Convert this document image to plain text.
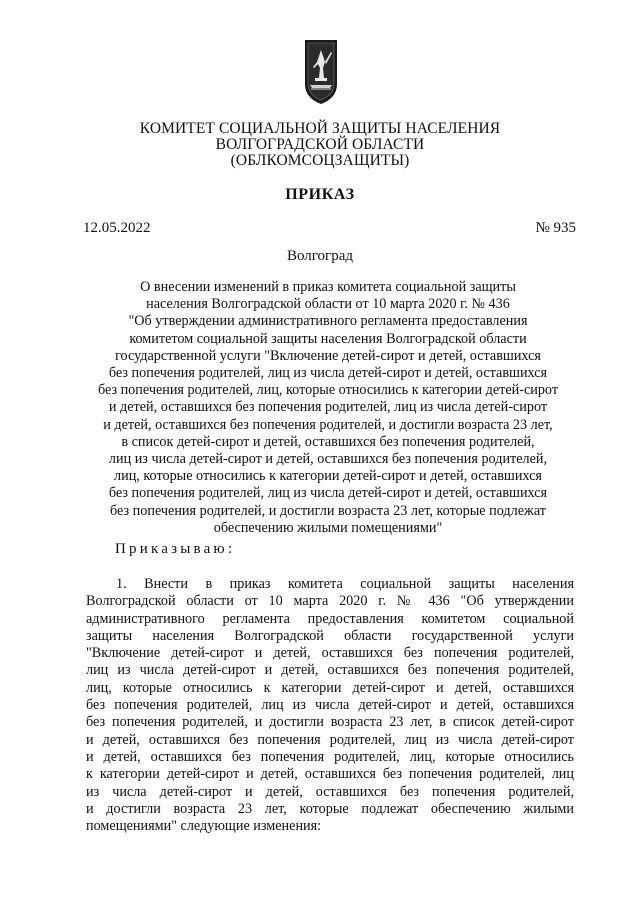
КОМИТЕТ СОЦИАЛЬНОЙ ЗАЩИТЫ НАСЕЛЕНИЯ
ВОЛГОГРАДСКОЙ ОБЛАСТИ
(ОБЛКОМСОЦЗАЩИТЫ)
ПРИКАЗ
12.05.2022	№ 935
Волгоград
О внесении изменений в приказ комитета социальной защиты
населения Волгоградской области от 10 марта 2020 г. № 436
"Об утверждении административного регламента предоставления
комитетом социальной защиты населения Волгоградской области
государственной услуги "Включение детей-сирот и детей, оставшихся
без попечения родителей, лиц из числа детей-сирот и детей, оставшихся
без попечения родителей, лиц, которые относились к категории детей-сирот
и детей, оставшихся без попечения родителей, лиц из числа детей-сирот
и детей, оставшихся без попечения родителей, и достигли возраста 23 лет,
в список детей-сирот и детей, оставшихся без попечения родителей,
лиц из числа детей-сирот и детей, оставшихся без попечения родителей,
лиц, которые относились к категории детей-сирот и детей, оставшихся
без попечения родителей, лиц из числа детей-сирот и детей, оставшихся
без попечения родителей, и достигли возраста 23 лет, которые подлежат
обеспечению жилыми помещениями"
Приказываю:
1. Внести в приказ комитета социальной защиты населения
Волгоградской области от 10 марта 2020 г. № 436 "Об утверждении
административного регламента предоставления комитетом социальной
защиты населения Волгоградской области государственной услуги
"Включение детей-сирот и детей, оставшихся без попечения родителей,
лиц из числа детей-сирот и детей, оставшихся без попечения родителей,
лиц, которые относились к категории детей-сирот и детей, оставшихся
без попечения родителей, лиц из числа детей-сирот и детей, оставшихся
без попечения родителей, и достигли возраста 23 лет, в список детей-сирот
и детей, оставшихся без попечения родителей, лиц из числа детей-сирот
и детей, оставшихся без попечения родителей, лиц, которые относились
к категории детей-сирот и детей, оставшихся без попечения родителей, лиц
из числа детей-сирот и детей, оставшихся без попечения родителей,
и достигли возраста 23 лет, которые подлежат обеспечению жилыми
помещениями" следующие изменения:
